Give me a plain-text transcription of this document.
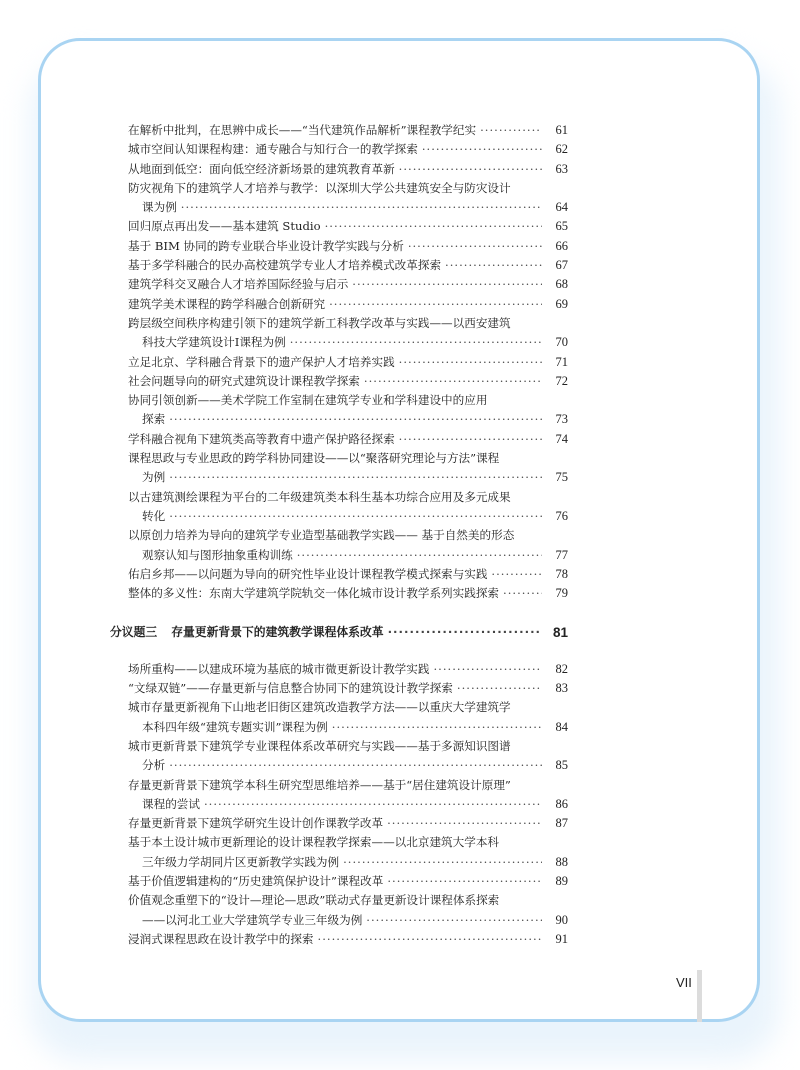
在解析中批判，在思辨中成长——“当代建筑作品解析”课程教学纪实 ·····	61
城市空间认知课程构建：通专融合与知行合一的教学探索 ·····	62
从地面到低空：面向低空经济新场景的建筑教育革新 ·····	63
防灾视角下的建筑学人才培养与教学：以深圳大学公共建筑安全与防灾设计
课为例 ·····	64
回归原点再出发——基本建筑 Studio ·····	65
基于 BIM 协同的跨专业联合毕业设计教学实践与分析 ·····	66
基于多学科融合的民办高校建筑学专业人才培养模式改革探索 ·····	67
建筑学科交叉融合人才培养国际经验与启示 ·····	68
建筑学美术课程的跨学科融合创新研究 ·····	69
跨层级空间秩序构建引领下的建筑学新工科教学改革与实践——以西安建筑
科技大学建筑设计Ⅰ课程为例 ·····	70
立足北京、学科融合背景下的遗产保护人才培养实践 ·····	71
社会问题导向的研究式建筑设计课程教学探索 ·····	72
协同引领创新——美术学院工作室制在建筑学专业和学科建设中的应用
探索 ·····	73
学科融合视角下建筑类高等教育中遗产保护路径探索 ·····	74
课程思政与专业思政的跨学科协同建设——以“聚落研究理论与方法”课程
为例 ·····	75
以古建筑测绘课程为平台的二年级建筑类本科生基本功综合应用及多元成果
转化 ·····	76
以原创力培养为导向的建筑学专业造型基础教学实践—— 基于自然美的形态
观察认知与图形抽象重构训练 ·····	77
佑启乡邦——以问题为导向的研究性毕业设计课程教学模式探索与实践 ·····	78
整体的多义性：东南大学建筑学院轨交一体化城市设计教学系列实践探索 ·····	79
分议题三 存量更新背景下的建筑教学课程体系改革 ·····	81
场所重构——以建成环境为基底的城市微更新设计教学实践 ·····	82
“文绿双链”——存量更新与信息整合协同下的建筑设计教学探索 ·····	83
城市存量更新视角下山地老旧街区建筑改造教学方法——以重庆大学建筑学
本科四年级“建筑专题实训”课程为例 ·····	84
城市更新背景下建筑学专业课程体系改革研究与实践——基于多源知识图谱
分析 ·····	85
存量更新背景下建筑学本科生研究型思维培养——基于“居住建筑设计原理”
课程的尝试 ·····	86
存量更新背景下建筑学研究生设计创作课教学改革 ·····	87
基于本土设计城市更新理论的设计课程教学探索——以北京建筑大学本科
三年级力学胡同片区更新教学实践为例 ·····	88
基于价值逻辑建构的“历史建筑保护设计”课程改革 ·····	89
价值观念重塑下的“设计—理论—思政”联动式存量更新设计课程体系探索
——以河北工业大学建筑学专业三年级为例 ·····	90
浸润式课程思政在设计教学中的探索 ·····	91
VII
